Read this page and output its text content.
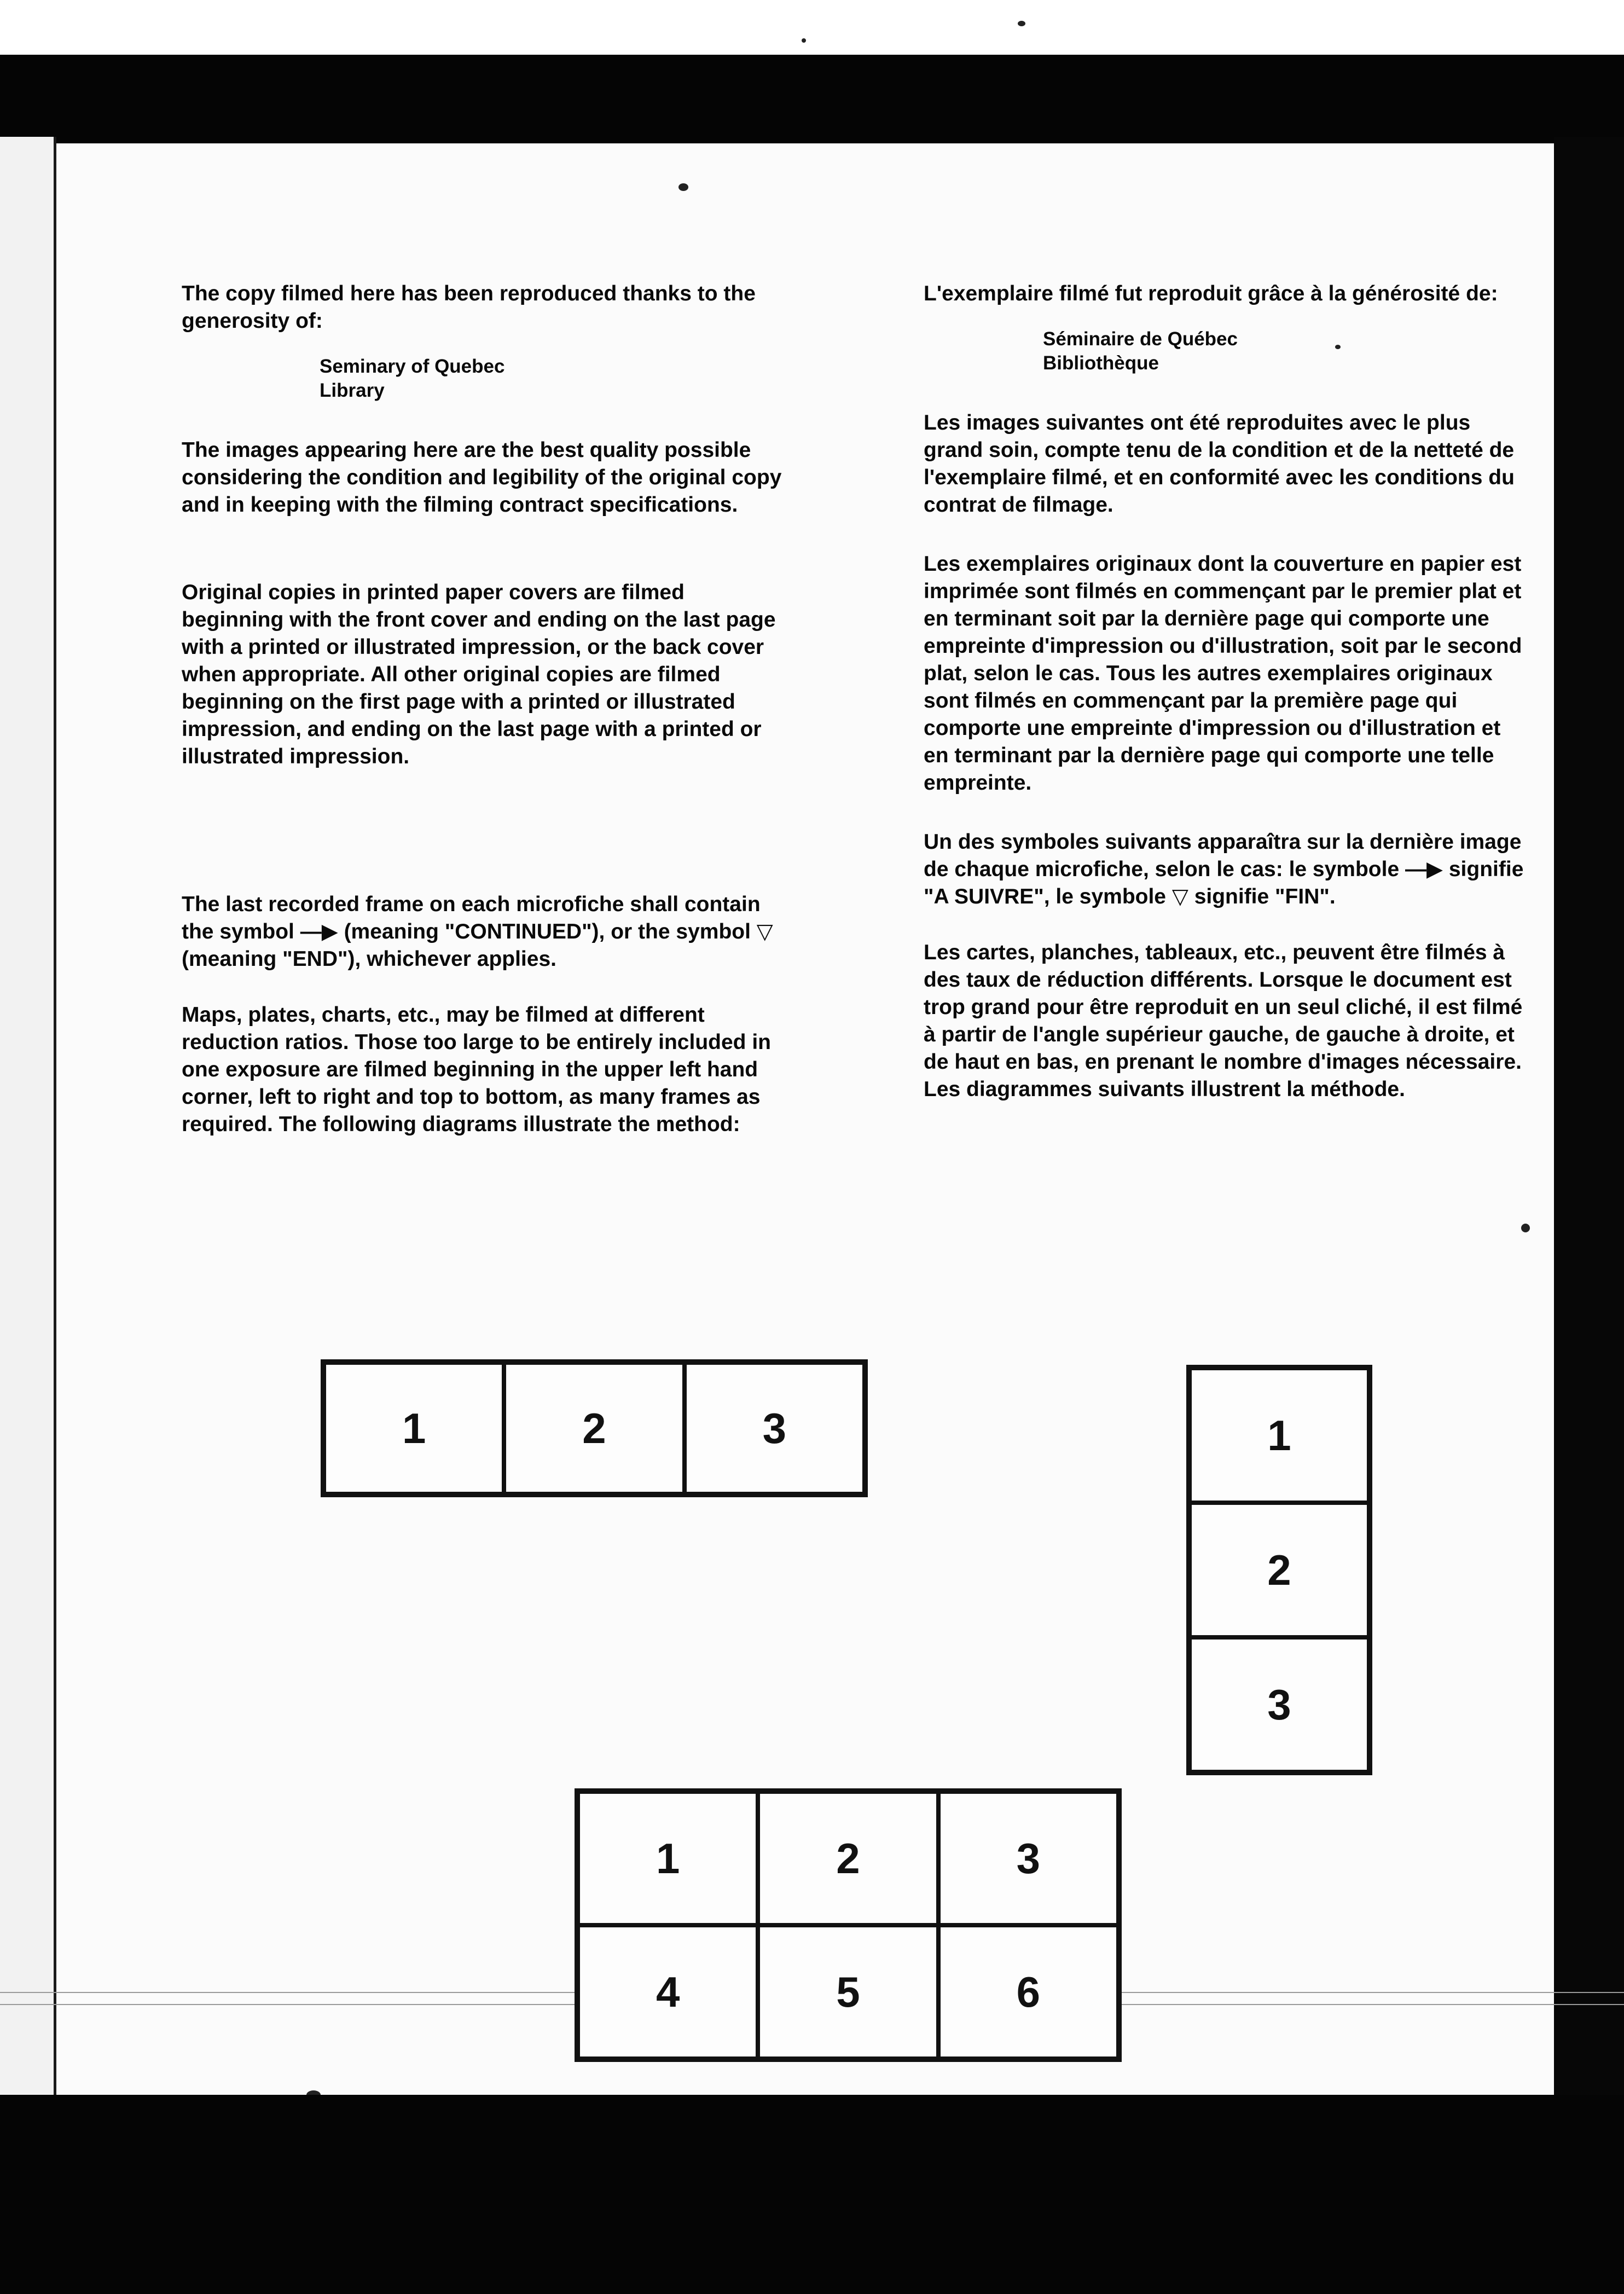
The copy filmed here has been reproduced thanks to the generosity of:

Seminary of Quebec

Library

The images appearing here are the best quality possible considering the condition and legibility of the original copy and in keeping with the filming contract specifications.

Original copies in printed paper covers are filmed beginning with the front cover and ending on the last page with a printed or illustrated impression, or the back cover when appropriate. All other original copies are filmed beginning on the first page with a printed or illustrated impression, and ending on the last page with a printed or illustrated impression.

The last recorded frame on each microfiche shall contain the symbol —▶ (meaning "CONTINUED"), or the symbol ▽ (meaning "END"), whichever applies.

Maps, plates, charts, etc., may be filmed at different reduction ratios. Those too large to be entirely included in one exposure are filmed beginning in the upper left hand corner, left to right and top to bottom, as many frames as required. The following diagrams illustrate the method:

L'exemplaire filmé fut reproduit grâce à la générosité de:

Séminaire de Québec

Bibliothèque

Les images suivantes ont été reproduites avec le plus grand soin, compte tenu de la condition et de la netteté de l'exemplaire filmé, et en conformité avec les conditions du contrat de filmage.

Les exemplaires originaux dont la couverture en papier est imprimée sont filmés en commençant par le premier plat et en terminant soit par la dernière page qui comporte une empreinte d'impression ou d'illustration, soit par le second plat, selon le cas. Tous les autres exemplaires originaux sont filmés en commençant par la première page qui comporte une empreinte d'impression ou d'illustration et en terminant par la dernière page qui comporte une telle empreinte.

Un des symboles suivants apparaîtra sur la dernière image de chaque microfiche, selon le cas: le symbole —▶ signifie "A SUIVRE", le symbole ▽ signifie "FIN".

Les cartes, planches, tableaux, etc., peuvent être filmés à des taux de réduction différents. Lorsque le document est trop grand pour être reproduit en un seul cliché, il est filmé à partir de l'angle supérieur gauche, de gauche à droite, et de haut en bas, en prenant le nombre d'images nécessaire. Les diagrammes suivants illustrent la méthode.

1	2	3	1
2
3
1	2	3
4	5	6
